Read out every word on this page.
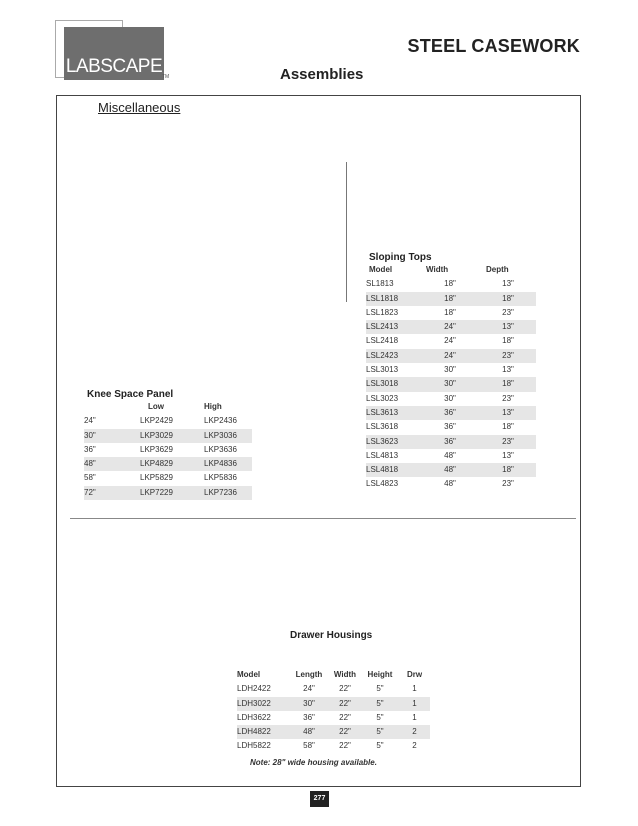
LABSCAPE TM
STEEL CASEWORK
Assemblies
Miscellaneous
Knee Space Panel
	Low	High
24"	LKP2429	LKP2436
30"	LKP3029	LKP3036
36"	LKP3629	LKP3636
48"	LKP4829	LKP4836
58"	LKP5829	LKP5836
72"	LKP7229	LKP7236
Sloping Tops
Model	Width	Depth
SL1813	18"	13"
LSL1818	18"	18"
LSL1823	18"	23"
LSL2413	24"	13"
LSL2418	24"	18"
LSL2423	24"	23"
LSL3013	30"	13"
LSL3018	30"	18"
LSL3023	30"	23"
LSL3613	36"	13"
LSL3618	36"	18"
LSL3623	36"	23"
LSL4813	48"	13"
LSL4818	48"	18"
LSL4823	48"	23"
Drawer Housings
Model	Length	Width	Height	Drw
LDH2422	24"	22"	5"	1
LDH3022	30"	22"	5"	1
LDH3622	36"	22"	5"	1
LDH4822	48"	22"	5"	2
LDH5822	58"	22"	5"	2
Note: 28" wide housing available.
277
